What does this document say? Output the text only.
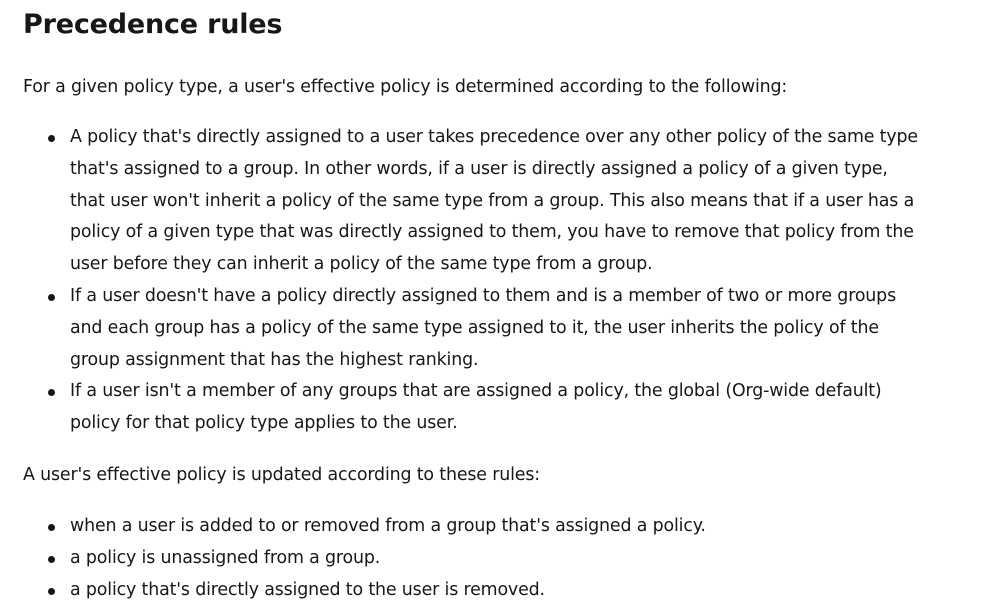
Precedence rules

For a given policy type, a user's effective policy is determined according to the following:

A policy that's directly assigned to a user takes precedence over any other policy of the same type that's assigned to a group. In other words, if a user is directly assigned a policy of a given type, that user won't inherit a policy of the same type from a group. This also means that if a user has a policy of a given type that was directly assigned to them, you have to remove that policy from the user before they can inherit a policy of the same type from a group.
If a user doesn't have a policy directly assigned to them and is a member of two or more groups and each group has a policy of the same type assigned to it, the user inherits the policy of the group assignment that has the highest ranking.
If a user isn't a member of any groups that are assigned a policy, the global (Org-wide default) policy for that policy type applies to the user.

A user's effective policy is updated according to these rules:

when a user is added to or removed from a group that's assigned a policy.
a policy is unassigned from a group.
a policy that's directly assigned to the user is removed.
